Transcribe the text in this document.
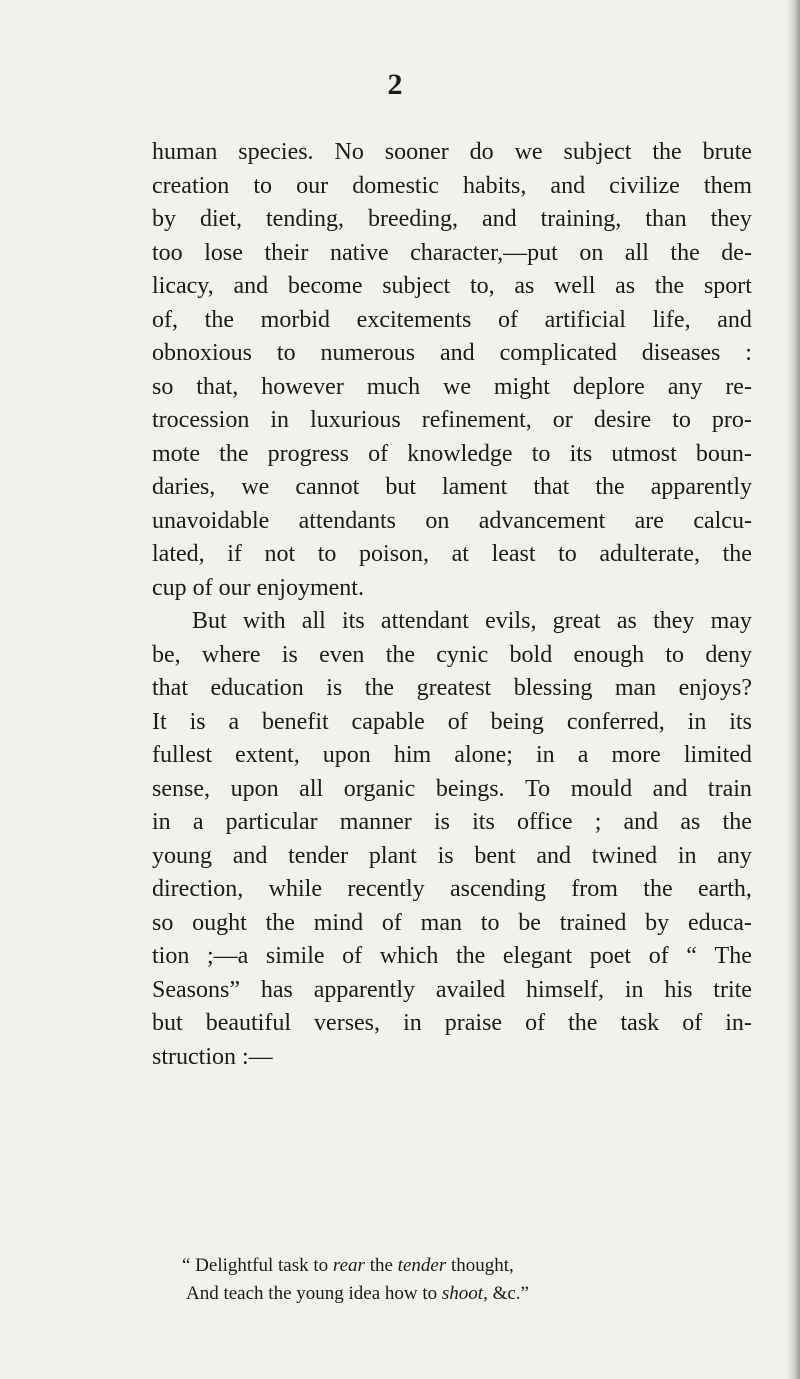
2
human species. No sooner do we subject the brute
creation to our domestic habits, and civilize them
by diet, tending, breeding, and training, than they
too lose their native character,—put on all the de-
licacy, and become subject to, as well as the sport
of, the morbid excitements of artificial life, and
obnoxious to numerous and complicated diseases :
so that, however much we might deplore any re-
trocession in luxurious refinement, or desire to pro-
mote the progress of knowledge to its utmost boun-
daries, we cannot but lament that the apparently
unavoidable attendants on advancement are calcu-
lated, if not to poison, at least to adulterate, the
cup
of
our
enjoyment.
But with all its attendant evils, great as they may
be, where is even the cynic bold enough to deny
that education is the greatest blessing man enjoys?
It is a benefit capable of being conferred, in its
fullest extent, upon him alone; in a more limited
sense, upon all organic beings. To mould and train
in a particular manner is its office ; and as the
young and tender plant is bent and twined in any
direction, while recently ascending from the earth,
so ought the mind of man to be trained by educa-
tion ;—a simile of which the elegant poet of “ The
Seasons” has apparently availed himself, in his trite
but beautiful verses, in praise of the task of in-
struction
:—
“ Delightful task to rear the tender thought,
And teach the young idea how to shoot, &c.”
